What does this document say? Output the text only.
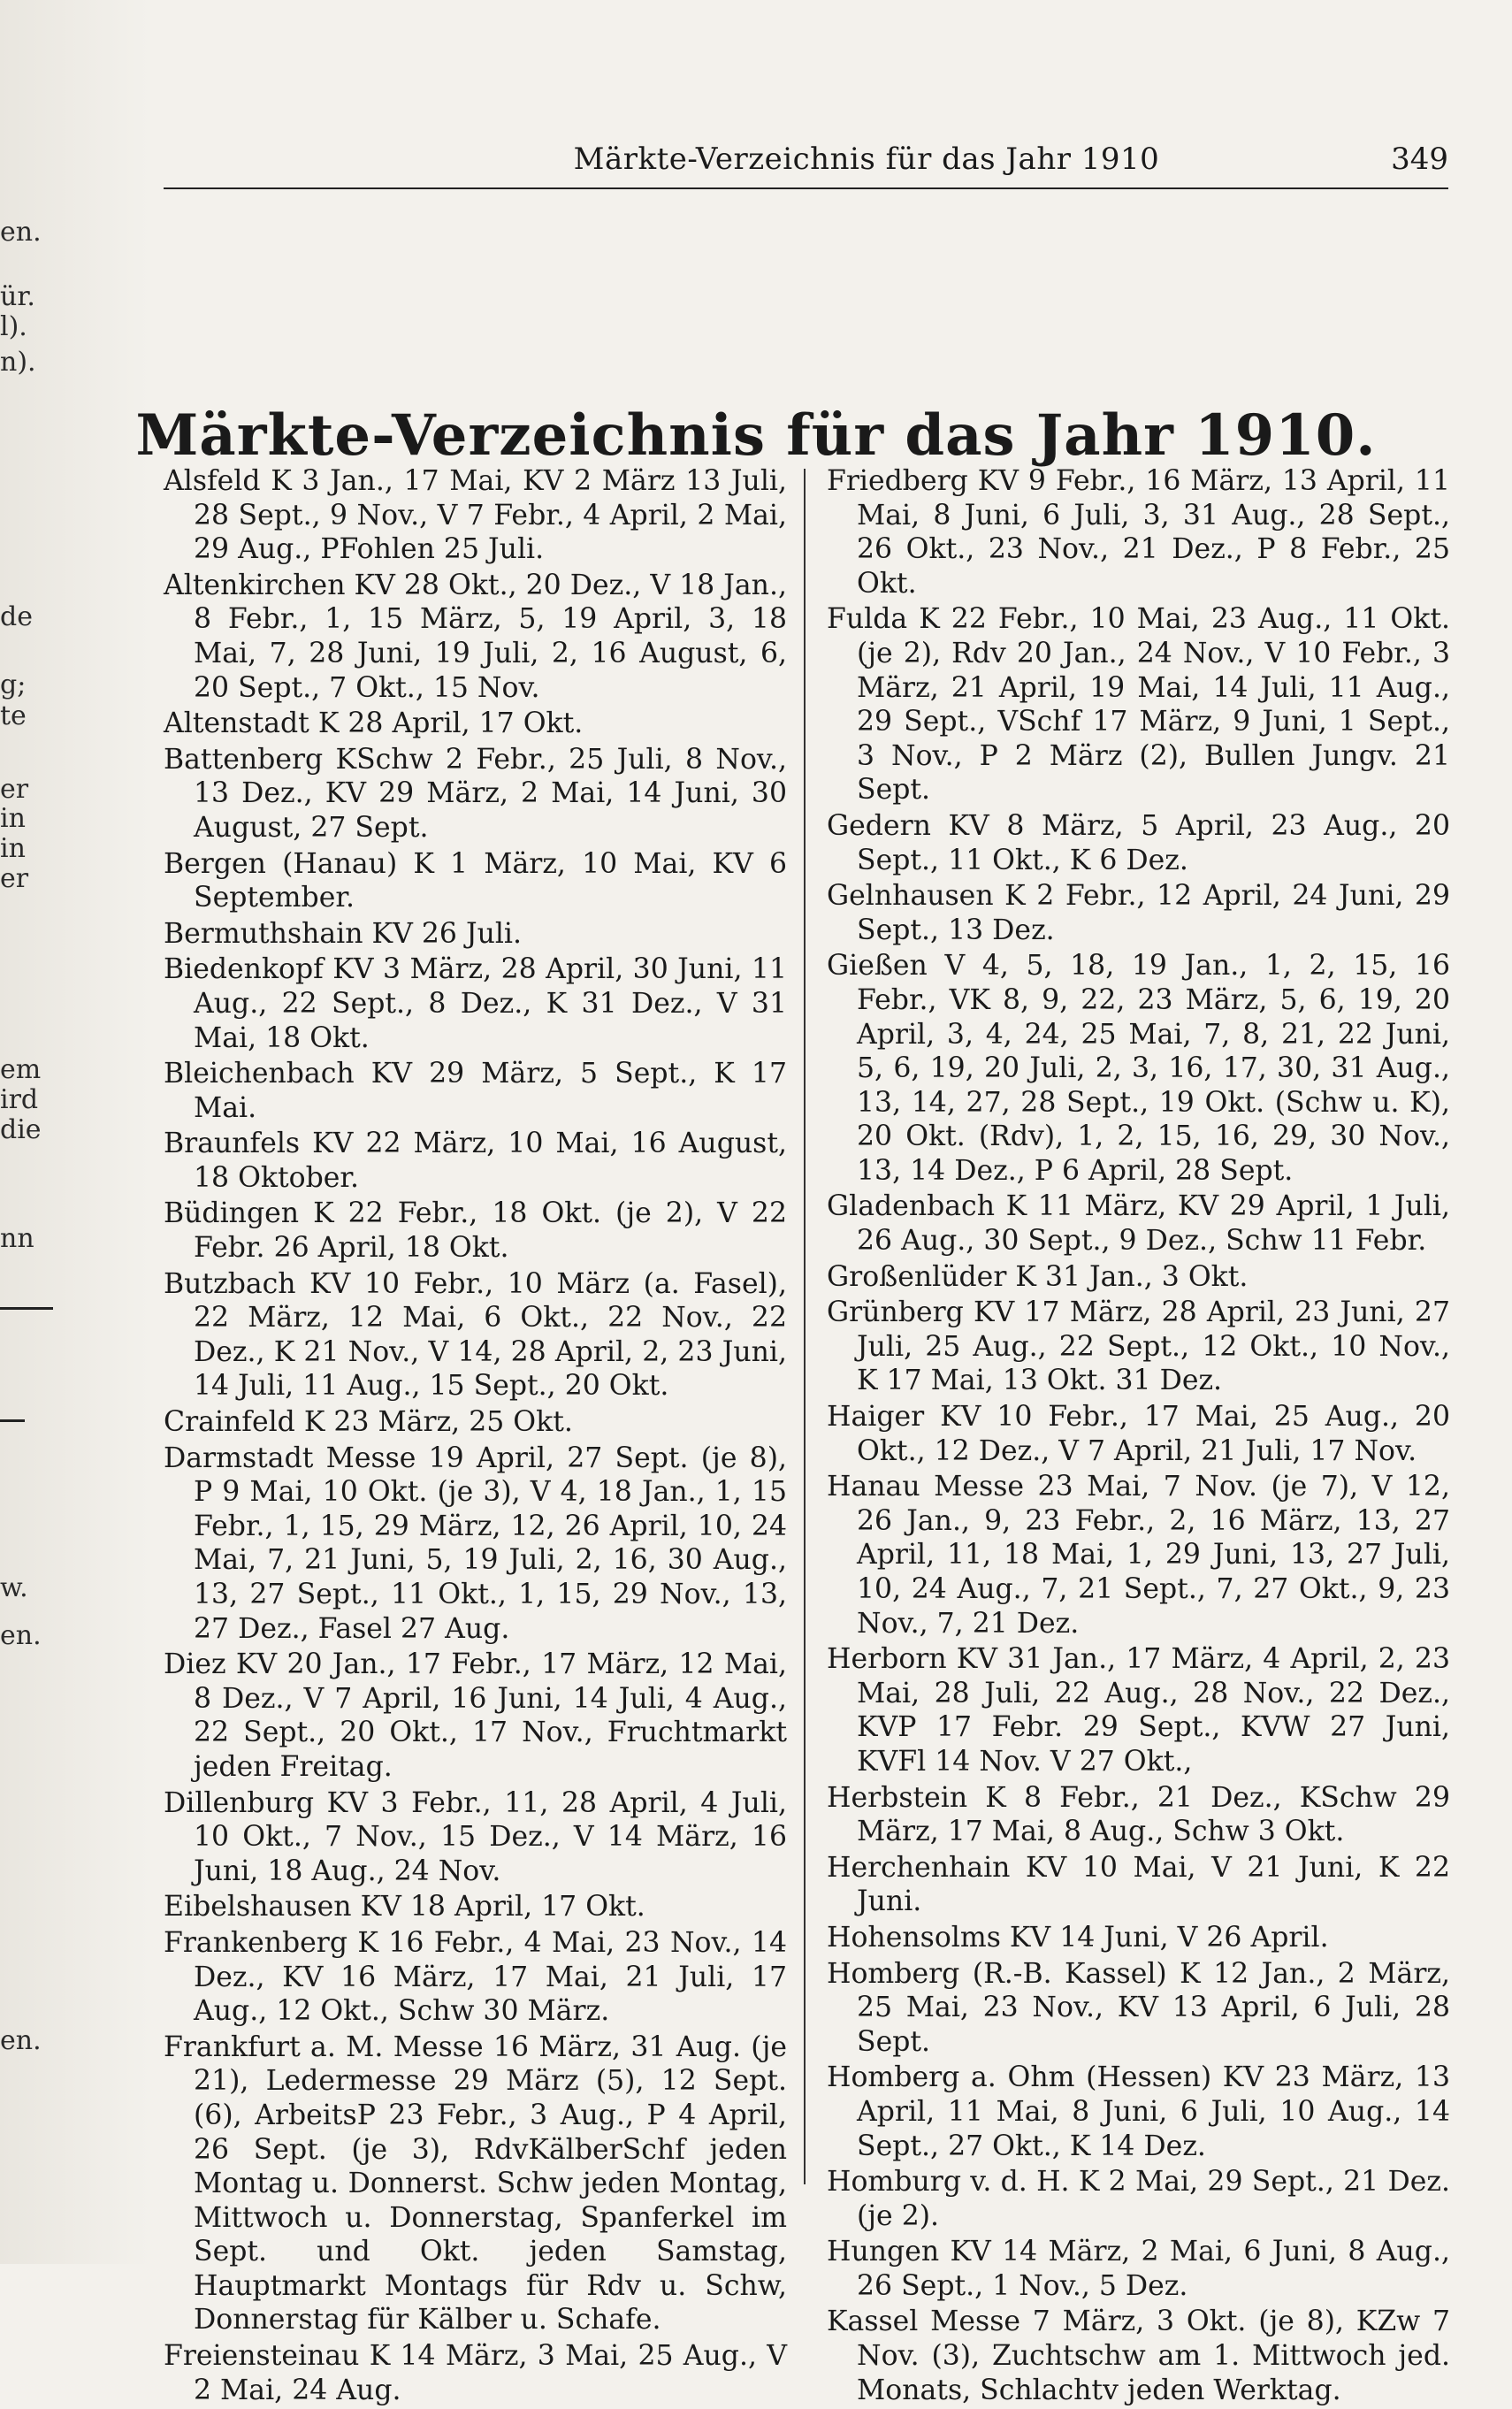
en.
ür.
l).
n).
de
g;
te
er
in
in
er
em
ird
die
nn
w.
en.
en.
Märkte-Verzeichnis für das Jahr 1910	349
Märkte-Verzeichnis für das Jahr 1910.

Alsfeld K 3 Jan., 17 Mai, KV 2 März 13 Juli, 28 Sept., 9 Nov., V 7 Febr., 4 April, 2 Mai, 29 Aug., PFohlen 25 Juli.

Altenkirchen KV 28 Okt., 20 Dez., V 18 Jan., 8 Febr., 1, 15 März, 5, 19 April, 3, 18 Mai, 7, 28 Juni, 19 Juli, 2, 16 August, 6, 20 Sept., 7 Okt., 15 Nov.

Altenstadt K 28 April, 17 Okt.

Battenberg KSchw 2 Febr., 25 Juli, 8 Nov., 13 Dez., KV 29 März, 2 Mai, 14 Juni, 30 August, 27 Sept.

Bergen (Hanau) K 1 März, 10 Mai, KV 6 September.

Bermuthshain KV 26 Juli.

Biedenkopf KV 3 März, 28 April, 30 Juni, 11 Aug., 22 Sept., 8 Dez., K 31 Dez., V 31 Mai, 18 Okt.

Bleichenbach KV 29 März, 5 Sept., K 17 Mai.

Braunfels KV 22 März, 10 Mai, 16 August, 18 Oktober.

Büdingen K 22 Febr., 18 Okt. (je 2), V 22 Febr. 26 April, 18 Okt.

Butzbach KV 10 Febr., 10 März (a. Fasel), 22 März, 12 Mai, 6 Okt., 22 Nov., 22 Dez., K 21 Nov., V 14, 28 April, 2, 23 Juni, 14 Juli, 11 Aug., 15 Sept., 20 Okt.

Crainfeld K 23 März, 25 Okt.

Darmstadt Messe 19 April, 27 Sept. (je 8), P 9 Mai, 10 Okt. (je 3), V 4, 18 Jan., 1, 15 Febr., 1, 15, 29 März, 12, 26 April, 10, 24 Mai, 7, 21 Juni, 5, 19 Juli, 2, 16, 30 Aug., 13, 27 Sept., 11 Okt., 1, 15, 29 Nov., 13, 27 Dez., Fasel 27 Aug.

Diez KV 20 Jan., 17 Febr., 17 März, 12 Mai, 8 Dez., V 7 April, 16 Juni, 14 Juli, 4 Aug., 22 Sept., 20 Okt., 17 Nov., Fruchtmarkt jeden Freitag.

Dillenburg KV 3 Febr., 11, 28 April, 4 Juli, 10 Okt., 7 Nov., 15 Dez., V 14 März, 16 Juni, 18 Aug., 24 Nov.

Eibelshausen KV 18 April, 17 Okt.

Frankenberg K 16 Febr., 4 Mai, 23 Nov., 14 Dez., KV 16 März, 17 Mai, 21 Juli, 17 Aug., 12 Okt., Schw 30 März.

Frankfurt a. M. Messe 16 März, 31 Aug. (je 21), Ledermesse 29 März (5), 12 Sept. (6), ArbeitsP 23 Febr., 3 Aug., P 4 April, 26 Sept. (je 3), RdvKälberSchf jeden Montag u. Donnerst. Schw jeden Montag, Mittwoch u. Donnerstag, Spanferkel im Sept. und Okt. jeden Samstag, Hauptmarkt Montags für Rdv u. Schw, Donnerstag für Kälber u. Schafe.

Freiensteinau K 14 März, 3 Mai, 25 Aug., V 2 Mai, 24 Aug.

Friedberg KV 9 Febr., 16 März, 13 April, 11 Mai, 8 Juni, 6 Juli, 3, 31 Aug., 28 Sept., 26 Okt., 23 Nov., 21 Dez., P 8 Febr., 25 Okt.

Fulda K 22 Febr., 10 Mai, 23 Aug., 11 Okt. (je 2), Rdv 20 Jan., 24 Nov., V 10 Febr., 3 März, 21 April, 19 Mai, 14 Juli, 11 Aug., 29 Sept., VSchf 17 März, 9 Juni, 1 Sept., 3 Nov., P 2 März (2), Bullen Jungv. 21 Sept.

Gedern KV 8 März, 5 April, 23 Aug., 20 Sept., 11 Okt., K 6 Dez.

Gelnhausen K 2 Febr., 12 April, 24 Juni, 29 Sept., 13 Dez.

Gießen V 4, 5, 18, 19 Jan., 1, 2, 15, 16 Febr., VK 8, 9, 22, 23 März, 5, 6, 19, 20 April, 3, 4, 24, 25 Mai, 7, 8, 21, 22 Juni, 5, 6, 19, 20 Juli, 2, 3, 16, 17, 30, 31 Aug., 13, 14, 27, 28 Sept., 19 Okt. (Schw u. K), 20 Okt. (Rdv), 1, 2, 15, 16, 29, 30 Nov., 13, 14 Dez., P 6 April, 28 Sept.

Gladenbach K 11 März, KV 29 April, 1 Juli, 26 Aug., 30 Sept., 9 Dez., Schw 11 Febr.

Großenlüder K 31 Jan., 3 Okt.

Grünberg KV 17 März, 28 April, 23 Juni, 27 Juli, 25 Aug., 22 Sept., 12 Okt., 10 Nov., K 17 Mai, 13 Okt. 31 Dez.

Haiger KV 10 Febr., 17 Mai, 25 Aug., 20 Okt., 12 Dez., V 7 April, 21 Juli, 17 Nov.

Hanau Messe 23 Mai, 7 Nov. (je 7), V 12, 26 Jan., 9, 23 Febr., 2, 16 März, 13, 27 April, 11, 18 Mai, 1, 29 Juni, 13, 27 Juli, 10, 24 Aug., 7, 21 Sept., 7, 27 Okt., 9, 23 Nov., 7, 21 Dez.

Herborn KV 31 Jan., 17 März, 4 April, 2, 23 Mai, 28 Juli, 22 Aug., 28 Nov., 22 Dez., KVP 17 Febr. 29 Sept., KVW 27 Juni, KVFl 14 Nov. V 27 Okt.,

Herbstein K 8 Febr., 21 Dez., KSchw 29 März, 17 Mai, 8 Aug., Schw 3 Okt.

Herchenhain KV 10 Mai, V 21 Juni, K 22 Juni.

Hohensolms KV 14 Juni, V 26 April.

Homberg (R.-B. Kassel) K 12 Jan., 2 März, 25 Mai, 23 Nov., KV 13 April, 6 Juli, 28 Sept.

Homberg a. Ohm (Hessen) KV 23 März, 13 April, 11 Mai, 8 Juni, 6 Juli, 10 Aug., 14 Sept., 27 Okt., K 14 Dez.

Homburg v. d. H. K 2 Mai, 29 Sept., 21 Dez. (je 2).

Hungen KV 14 März, 2 Mai, 6 Juni, 8 Aug., 26 Sept., 1 Nov., 5 Dez.

Kassel Messe 7 März, 3 Okt. (je 8), KZw 7 Nov. (3), Zuchtschw am 1. Mittwoch jed. Monats, Schlachtv jeden Werktag.
